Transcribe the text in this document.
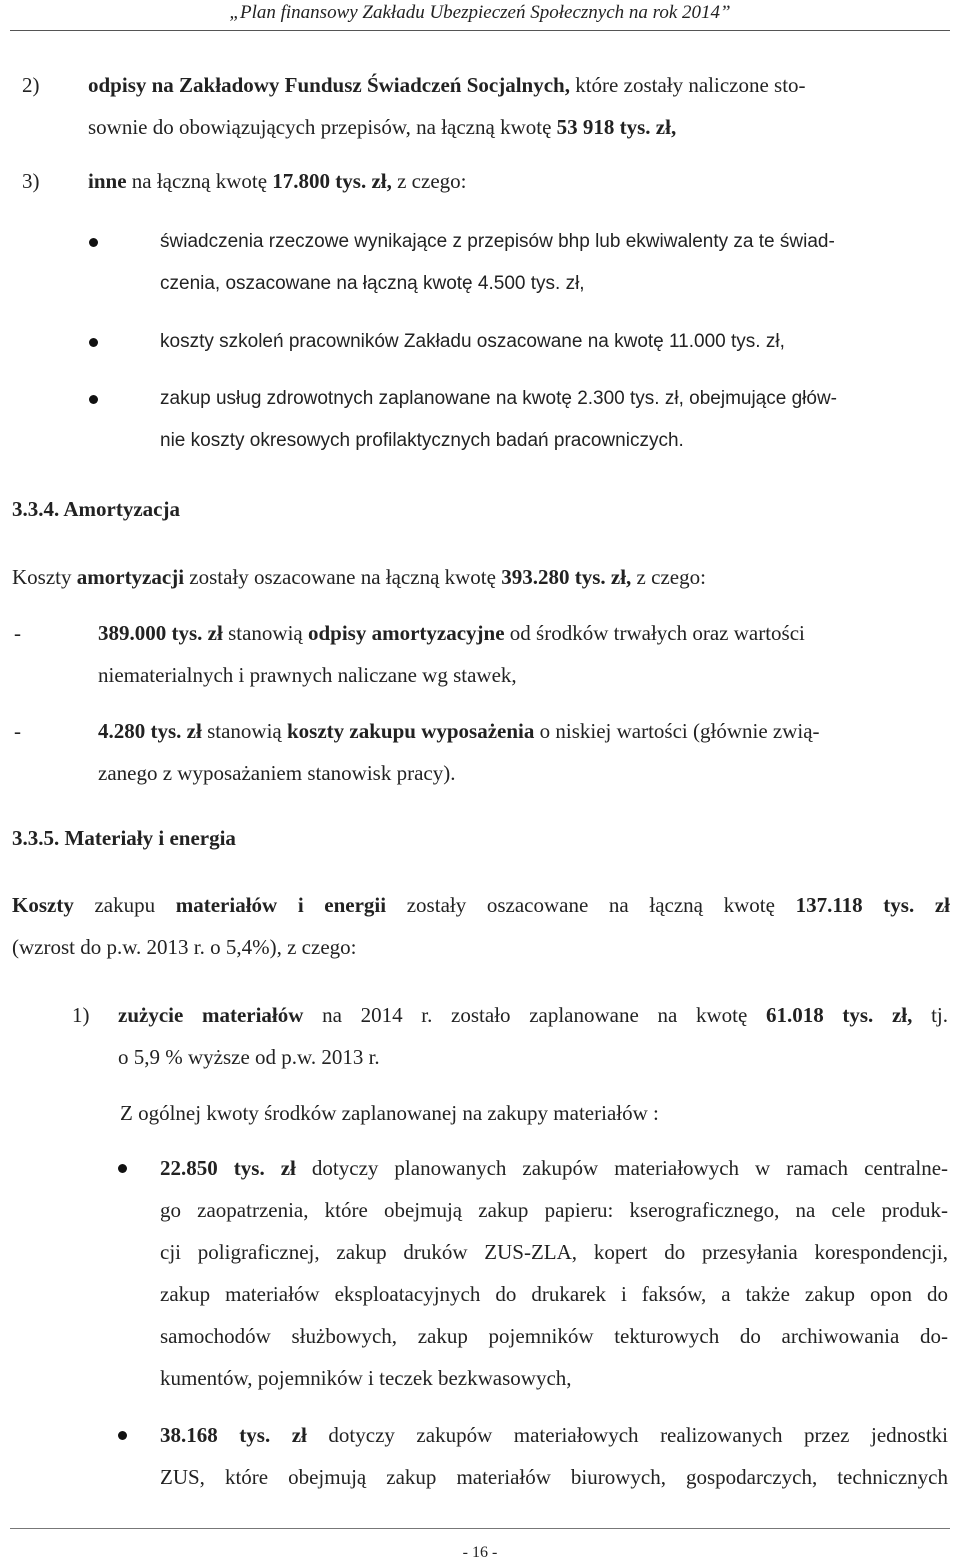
„Plan finansowy Zakładu Ubezpieczeń Społecznych na rok 2014”
2) odpisy na Zakładowy Fundusz Świadczeń Socjalnych, które zostały naliczone sto-
sownie do obowiązujących przepisów, na łączną kwotę 53 918 tys. zł,
3) inne na łączną kwotę 17.800 tys. zł, z czego:
świadczenia rzeczowe wynikające z przepisów bhp lub ekwiwalenty za te świad-
czenia, oszacowane na łączną kwotę 4.500 tys. zł,
koszty szkoleń pracowników Zakładu oszacowane na kwotę 11.000 tys. zł,
zakup usług zdrowotnych zaplanowane na kwotę 2.300 tys. zł, obejmujące głów-
nie koszty okresowych profilaktycznych badań pracowniczych.
3.3.4. Amortyzacja
Koszty amortyzacji zostały oszacowane na łączną kwotę 393.280 tys. zł, z czego:
-	389.000 tys. zł stanowią odpisy amortyzacyjne od środków trwałych oraz wartości
niematerialnych i prawnych naliczane wg stawek,
-	4.280 tys. zł stanowią koszty zakupu wyposażenia o niskiej wartości (głównie zwią-
zanego z wyposażaniem stanowisk pracy).
3.3.5. Materiały i energia
Koszty zakupu materiałów i energii zostały oszacowane na łączną kwotę 137.118 tys. zł
(wzrost do p.w. 2013 r. o 5,4%), z czego:
1) zużycie materiałów na 2014 r. zostało zaplanowane na kwotę 61.018 tys. zł, tj.
o 5,9 % wyższe od p.w. 2013 r.
Z ogólnej kwoty środków zaplanowanej na zakupy materiałów :
22.850 tys. zł dotyczy planowanych zakupów materiałowych w ramach centralne-
go zaopatrzenia, które obejmują zakup papieru: kserograficznego, na cele produk-
cji poligraficznej, zakup druków ZUS-ZLA, kopert do przesyłania korespondencji,
zakup materiałów eksploatacyjnych do drukarek i faksów, a także zakup opon do
samochodów służbowych, zakup pojemników tekturowych do archiwowania do-
kumentów, pojemników i teczek bezkwasowych,
38.168 tys. zł dotyczy zakupów materiałowych realizowanych przez jednostki
ZUS, które obejmują zakup materiałów biurowych, gospodarczych, technicznych
- 16 -
